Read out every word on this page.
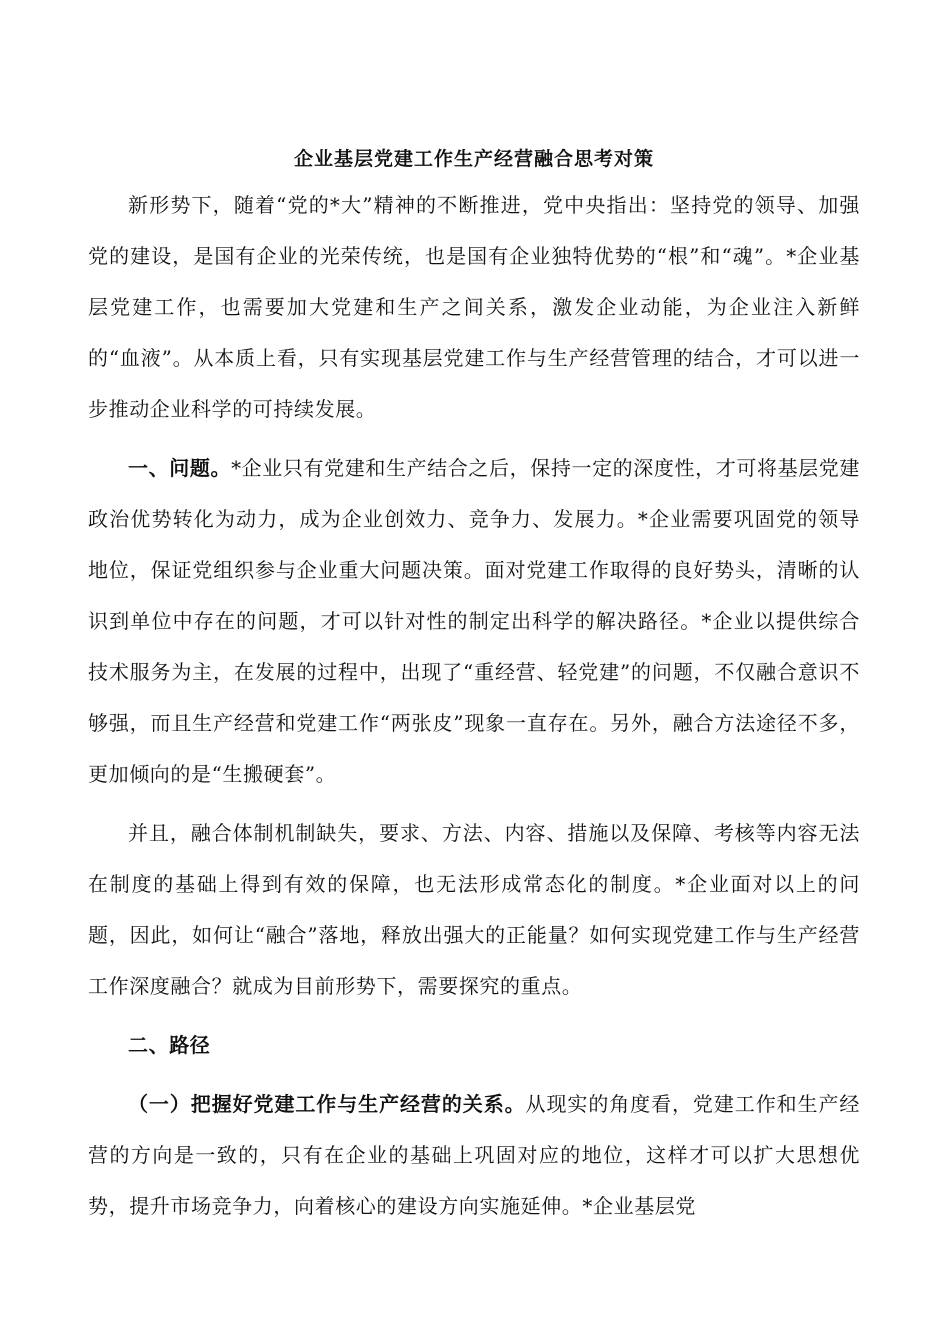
企业基层党建工作生产经营融合思考对策

新形势下，随着“党的*大”精神的不断推进，党中央指出：坚持党的领导、加强党的建设，是国有企业的光荣传统，也是国有企业独特优势的“根”和“魂”。*企业基层党建工作，也需要加大党建和生产之间关系，激发企业动能，为企业注入新鲜的“血液”。从本质上看，只有实现基层党建工作与生产经营管理的结合，才可以进一步推动企业科学的可持续发展。

一、问题。*企业只有党建和生产结合之后，保持一定的深度性，才可将基层党建政治优势转化为动力，成为企业创效力、竞争力、发展力。*企业需要巩固党的领导地位，保证党组织参与企业重大问题决策。面对党建工作取得的良好势头，清晰的认识到单位中存在的问题，才可以针对性的制定出科学的解决路径。*企业以提供综合技术服务为主，在发展的过程中，出现了“重经营、轻党建”的问题，不仅融合意识不够强，而且生产经营和党建工作“两张皮”现象一直存在。另外，融合方法途径不多，更加倾向的是“生搬硬套”。

并且，融合体制机制缺失，要求、方法、内容、措施以及保障、考核等内容无法在制度的基础上得到有效的保障，也无法形成常态化的制度。*企业面对以上的问题，因此，如何让“融合”落地，释放出强大的正能量？如何实现党建工作与生产经营工作深度融合？就成为目前形势下，需要探究的重点。

二、路径

（一）把握好党建工作与生产经营的关系。从现实的角度看，党建工作和生产经营的方向是一致的，只有在企业的基础上巩固对应的地位，这样才可以扩大思想优势，提升市场竞争力，向着核心的建设方向实施延伸。*企业基层党
